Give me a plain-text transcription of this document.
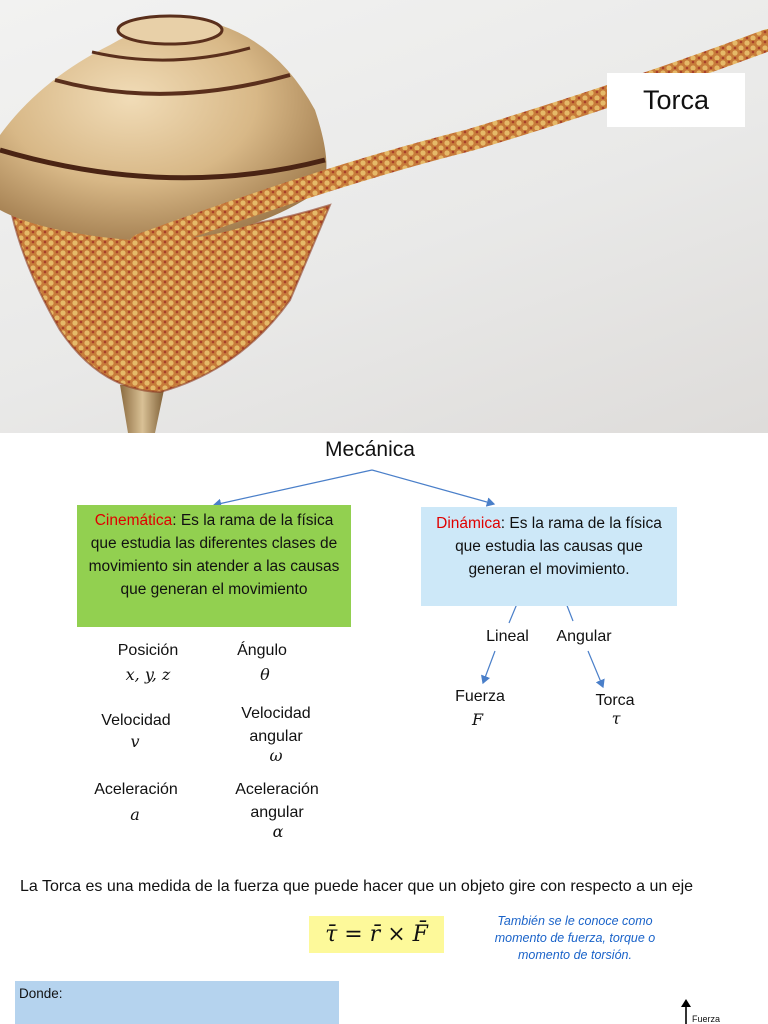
Torca
Mecánica
Cinemática: Es la rama de la física que estudia las diferentes clases de movimiento sin atender a las causas que generan el movimiento
Dinámica: Es la rama de la física que estudia las causas que generan el movimiento.
Lineal	Angular
Fuerza
F
Torca
τ
Posición
x, y, z
Ángulo
θ
Velocidad
v
Velocidad
angular
ω
Aceleración
a
Aceleración
angular
α
La Torca es una medida de la fuerza que puede hacer que un objeto gire con respecto a un eje
τ̄ = r̄ × F̄
También se le conoce como momento de fuerza, torque o momento de torsión.
Donde:
Fuerza
